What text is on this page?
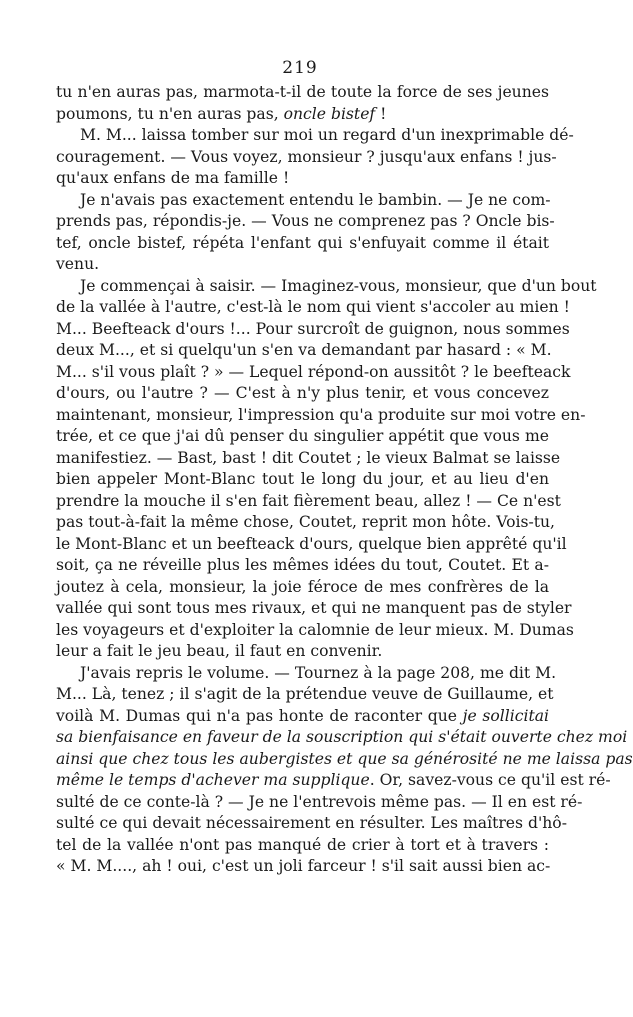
219
tu n'en auras pas, marmota-t-il de toute la force de ses jeunes
poumons, tu n'en auras pas, oncle bistef !
M. M... laissa tomber sur moi un regard d'un inexprimable dé-
couragement. — Vous voyez, monsieur ? jusqu'aux enfans ! jus-
qu'aux enfans de ma famille !
Je n'avais pas exactement entendu le bambin. — Je ne com-
prends pas, répondis-je. — Vous ne comprenez pas ? Oncle bis-
tef, oncle bistef, répéta l'enfant qui s'enfuyait comme il était
venu.
Je commençai à saisir. — Imaginez-vous, monsieur, que d'un bout
de la vallée à l'autre, c'est-là le nom qui vient s'accoler au mien !
M... Beefteack d'ours !... Pour surcroît de guignon, nous sommes
deux M..., et si quelqu'un s'en va demandant par hasard : « M.
M... s'il vous plaît ? » — Lequel répond-on aussitôt ? le beefteack
d'ours, ou l'autre ? — C'est à n'y plus tenir, et vous concevez
maintenant, monsieur, l'impression qu'a produite sur moi votre en-
trée, et ce que j'ai dû penser du singulier appétit que vous me
manifestiez. — Bast, bast ! dit Coutet ; le vieux Balmat se laisse
bien appeler Mont-Blanc tout le long du jour, et au lieu d'en
prendre la mouche il s'en fait fièrement beau, allez ! — Ce n'est
pas tout-à-fait la même chose, Coutet, reprit mon hôte. Vois-tu,
le Mont-Blanc et un beefteack d'ours, quelque bien apprêté qu'il
soit, ça ne réveille plus les mêmes idées du tout, Coutet. Et a-
joutez à cela, monsieur, la joie féroce de mes confrères de la
vallée qui sont tous mes rivaux, et qui ne manquent pas de styler
les voyageurs et d'exploiter la calomnie de leur mieux. M. Dumas
leur a fait le jeu beau, il faut en convenir.
J'avais repris le volume. — Tournez à la page 208, me dit M.
M... Là, tenez ; il s'agit de la prétendue veuve de Guillaume, et
voilà M. Dumas qui n'a pas honte de raconter que je sollicitai
sa bienfaisance en faveur de la souscription qui s'était ouverte chez moi
ainsi que chez tous les aubergistes et que sa générosité ne me laissa pas
même le temps d'achever ma supplique. Or, savez-vous ce qu'il est ré-
sulté de ce conte-là ? — Je ne l'entrevois même pas. — Il en est ré-
sulté ce qui devait nécessairement en résulter. Les maîtres d'hô-
tel de la vallée n'ont pas manqué de crier à tort et à travers :
« M. M...., ah ! oui, c'est un joli farceur ! s'il sait aussi bien ac-
